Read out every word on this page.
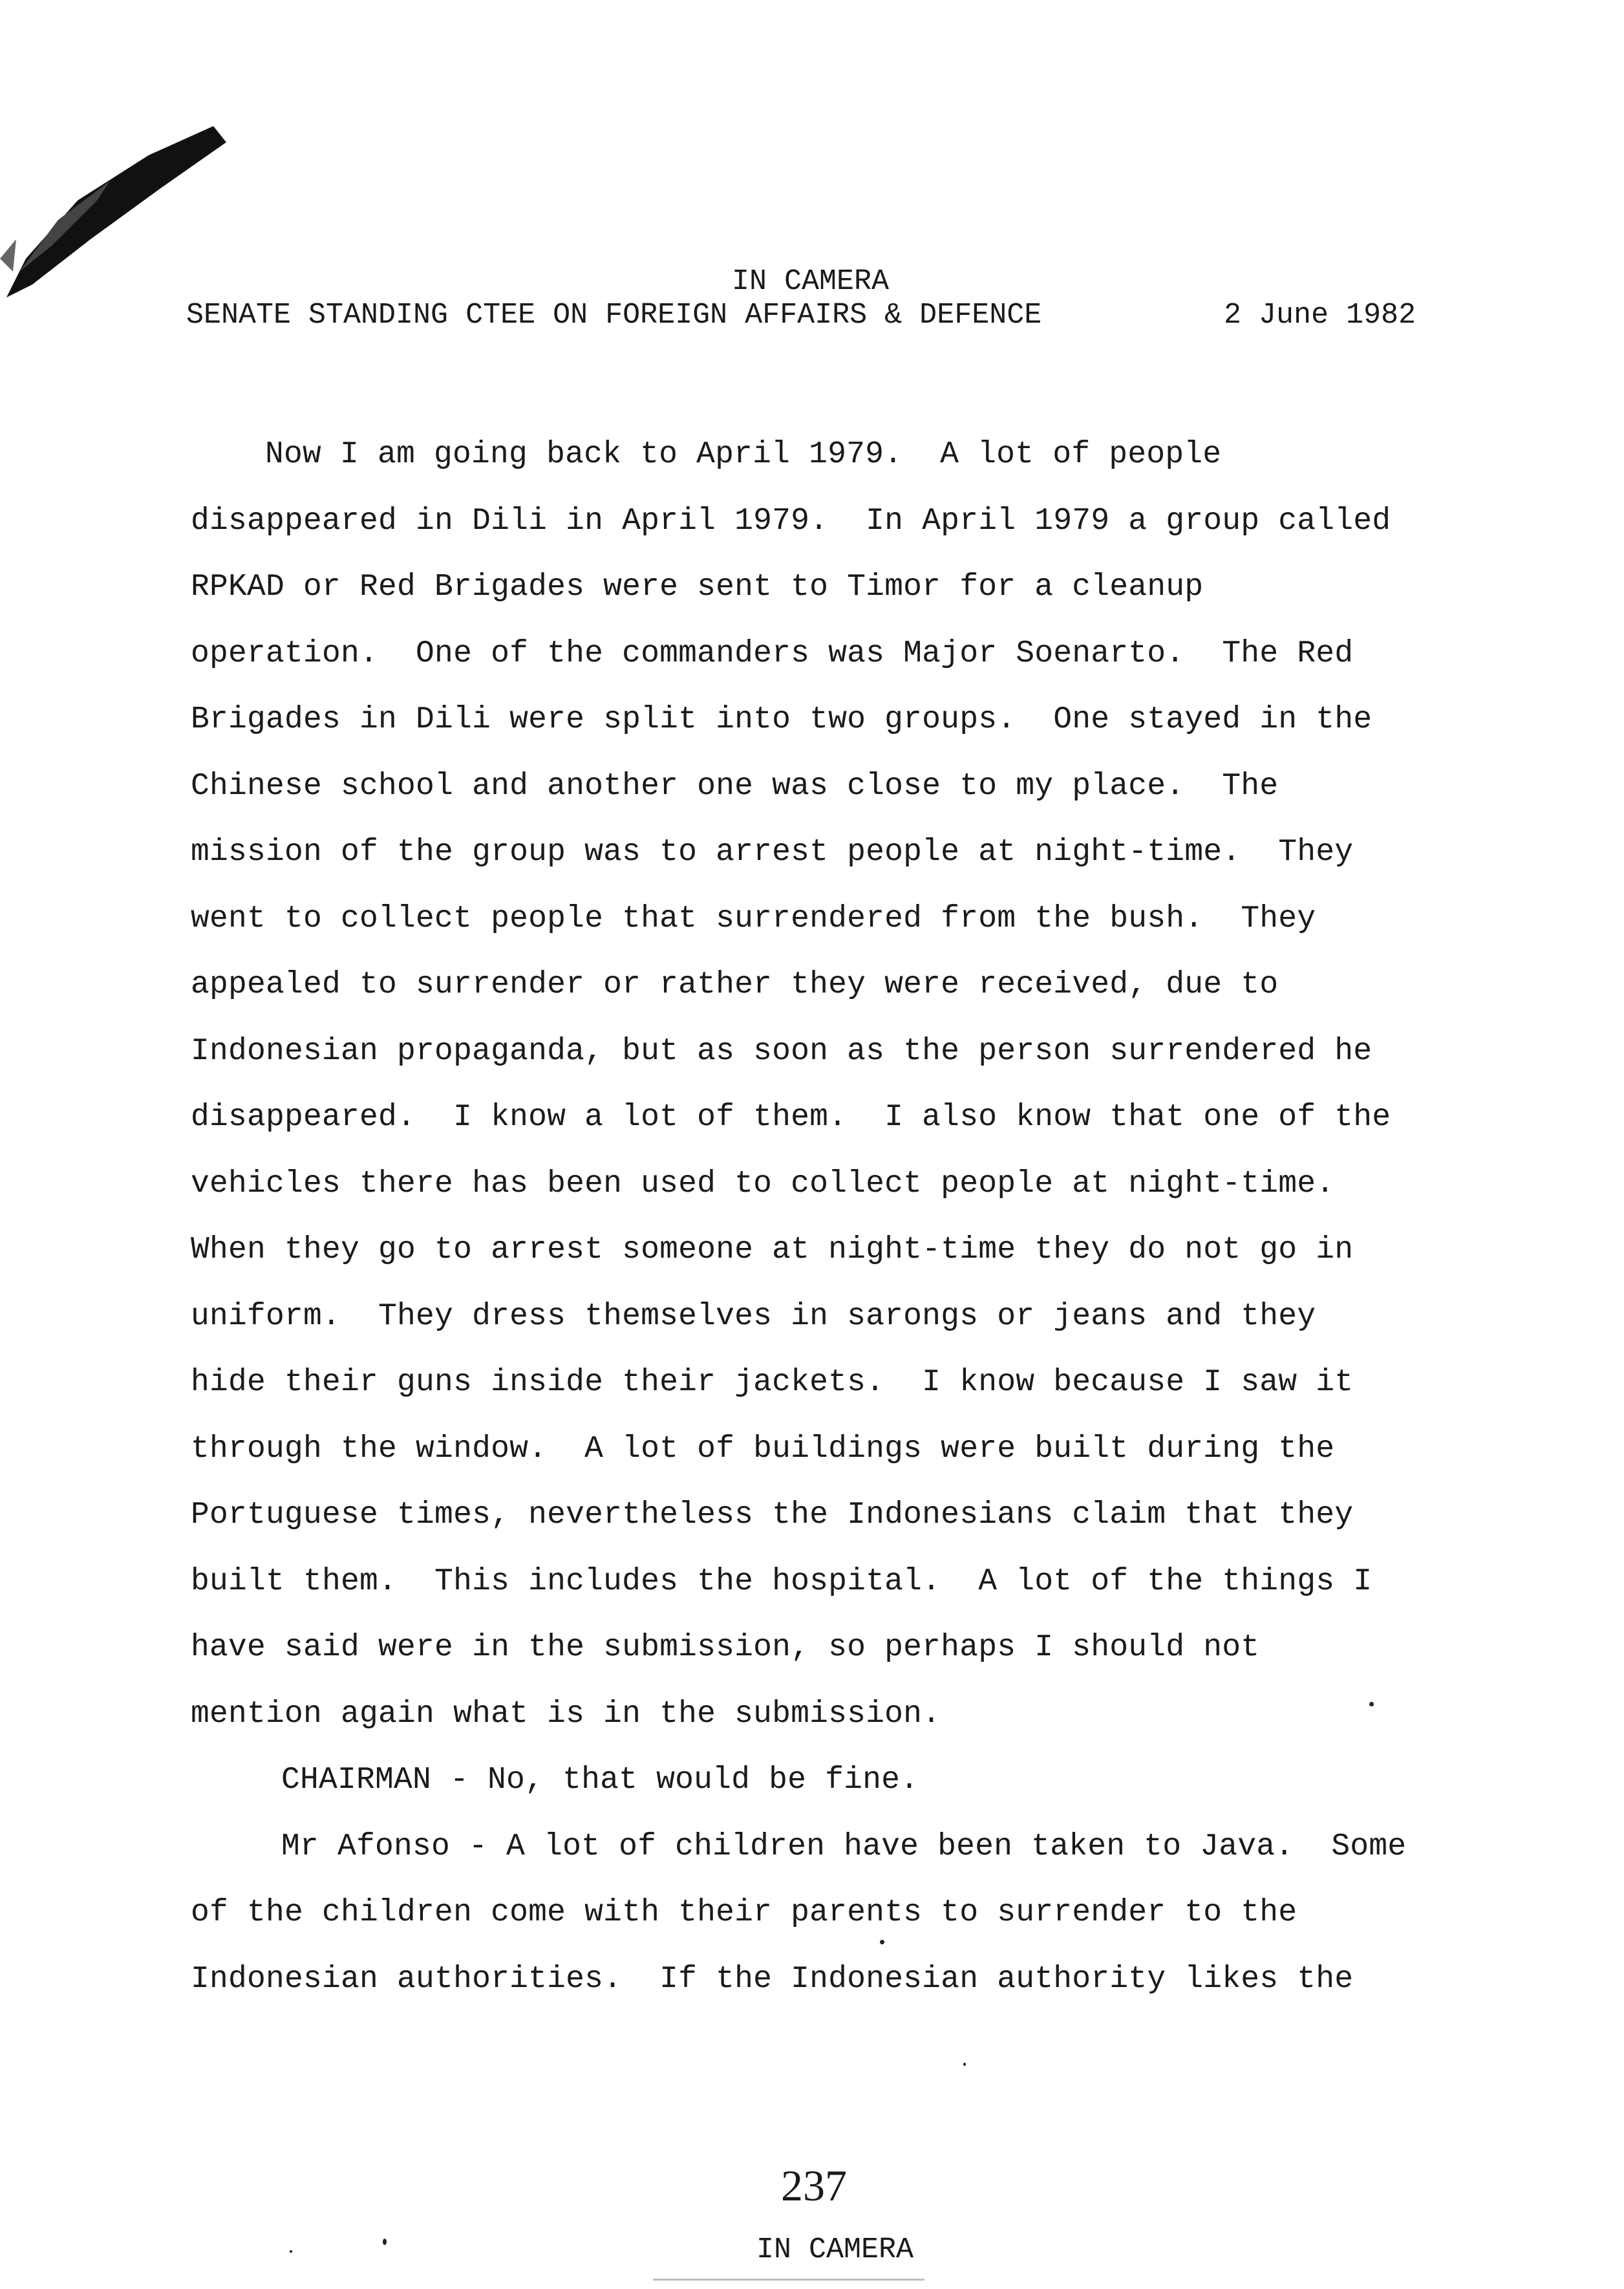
IN CAMERA
SENATE STANDING CTEE ON FOREIGN AFFAIRS & DEFENCE	2 June 1982
Now I am going back to April 1979.  A lot of people
disappeared in Dili in April 1979.  In April 1979 a group called
RPKAD or Red Brigades were sent to Timor for a cleanup
operation.  One of the commanders was Major Soenarto.  The Red
Brigades in Dili were split into two groups.  One stayed in the
Chinese school and another one was close to my place.  The
mission of the group was to arrest people at night-time.  They
went to collect people that surrendered from the bush.  They
appealed to surrender or rather they were received, due to
Indonesian propaganda, but as soon as the person surrendered he
disappeared.  I know a lot of them.  I also know that one of the
vehicles there has been used to collect people at night-time.
When they go to arrest someone at night-time they do not go in
uniform.  They dress themselves in sarongs or jeans and they
hide their guns inside their jackets.  I know because I saw it
through the window.  A lot of buildings were built during the
Portuguese times, nevertheless the Indonesians claim that they
built them.  This includes the hospital.  A lot of the things I
have said were in the submission, so perhaps I should not
mention again what is in the submission.
CHAIRMAN - No, that would be fine.
Mr Afonso - A lot of children have been taken to Java.  Some
of the children come with their parents to surrender to the
Indonesian authorities.  If the Indonesian authority likes the
237
IN CAMERA
